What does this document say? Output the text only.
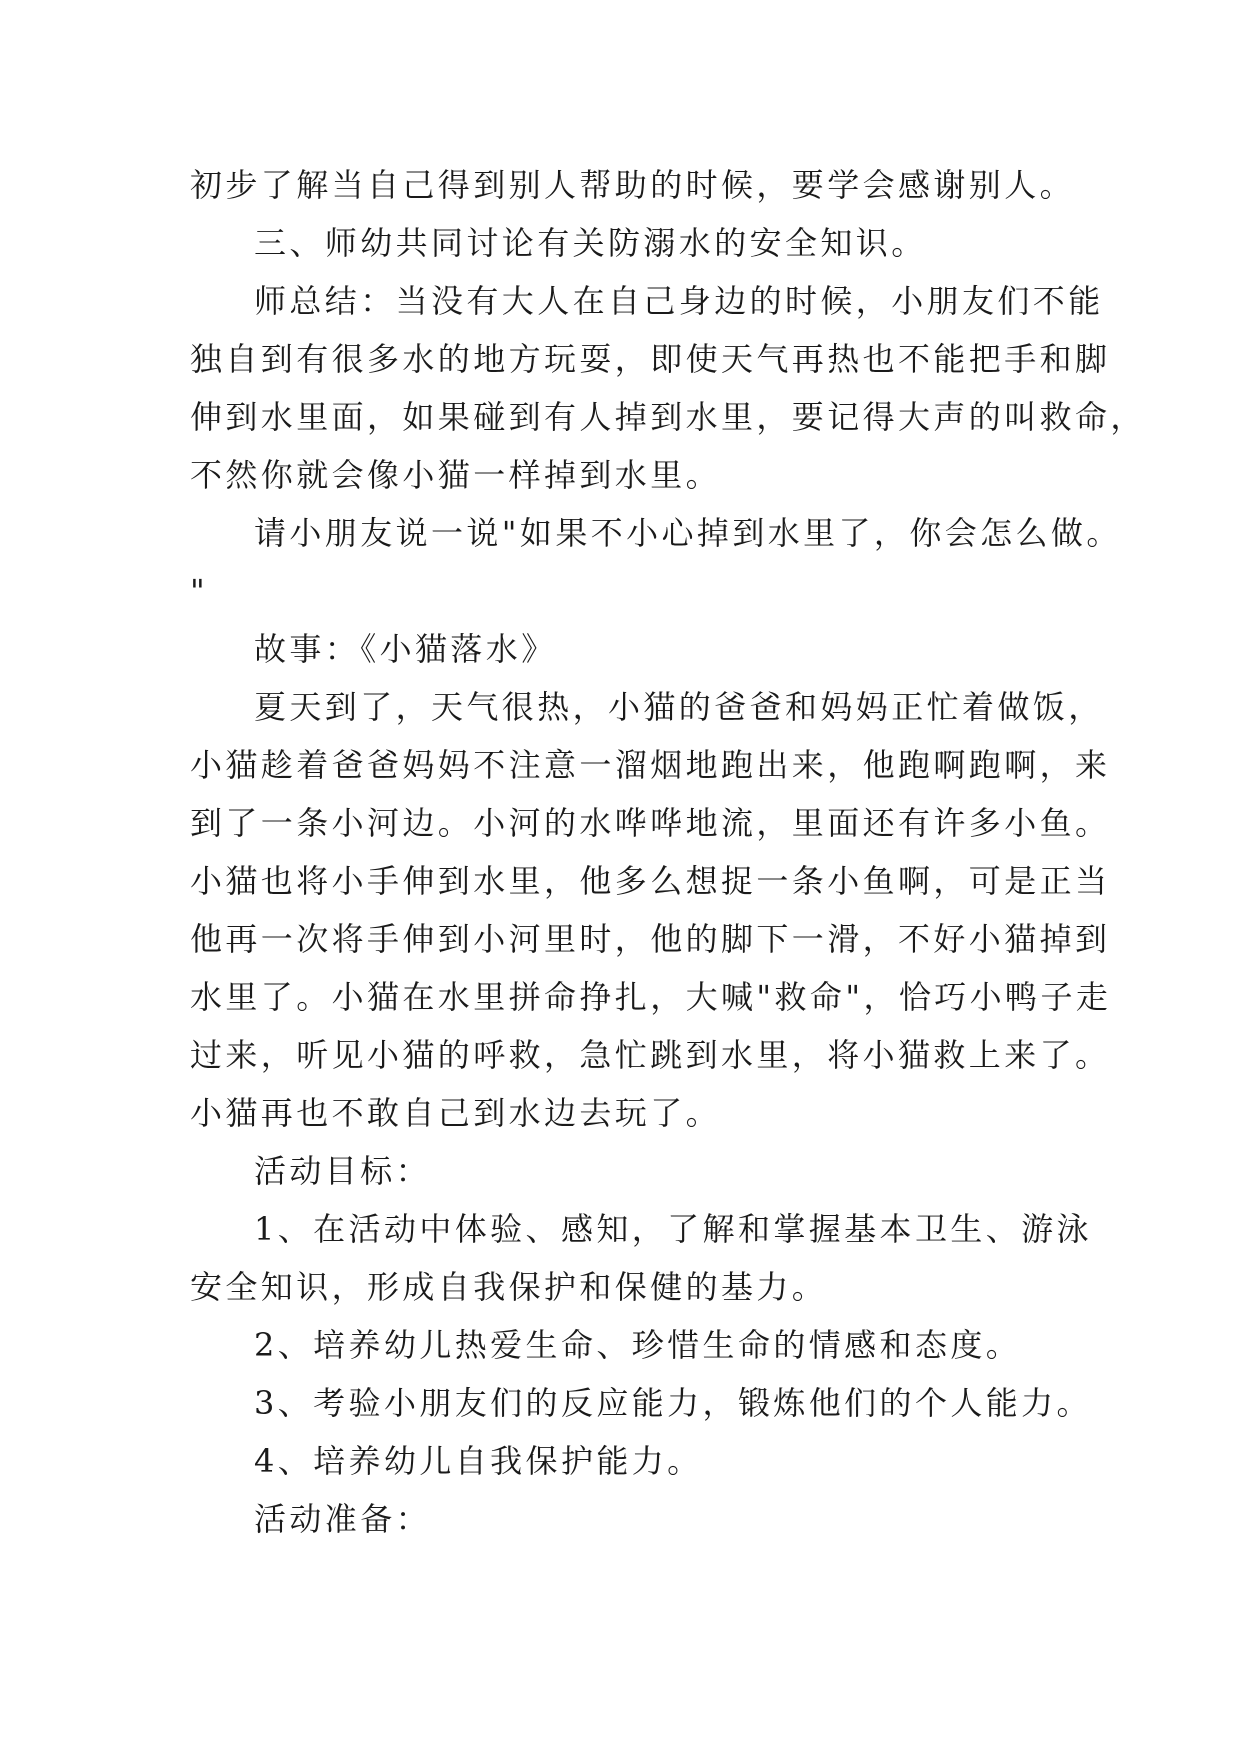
初步了解当自己得到别人帮助的时候，要学会感谢别人。
三、师幼共同讨论有关防溺水的安全知识。
师总结：当没有大人在自己身边的时候，小朋友们不能
独自到有很多水的地方玩耍，即使天气再热也不能把手和脚
伸到水里面，如果碰到有人掉到水里，要记得大声的叫救命，
不然你就会像小猫一样掉到水里。
请小朋友说一说"如果不小心掉到水里了，你会怎么做。
"
故事：《小猫落水》
夏天到了，天气很热，小猫的爸爸和妈妈正忙着做饭，
小猫趁着爸爸妈妈不注意一溜烟地跑出来，他跑啊跑啊，来
到了一条小河边。小河的水哗哗地流，里面还有许多小鱼。
小猫也将小手伸到水里，他多么想捉一条小鱼啊，可是正当
他再一次将手伸到小河里时，他的脚下一滑，不好小猫掉到
水里了。小猫在水里拼命挣扎，大喊"救命"，恰巧小鸭子走
过来，听见小猫的呼救，急忙跳到水里，将小猫救上来了。
小猫再也不敢自己到水边去玩了。
活动目标：
1、在活动中体验、感知，了解和掌握基本卫生、游泳
安全知识，形成自我保护和保健的基力。
2、培养幼儿热爱生命、珍惜生命的情感和态度。
3、考验小朋友们的反应能力，锻炼他们的个人能力。
4、培养幼儿自我保护能力。
活动准备：
